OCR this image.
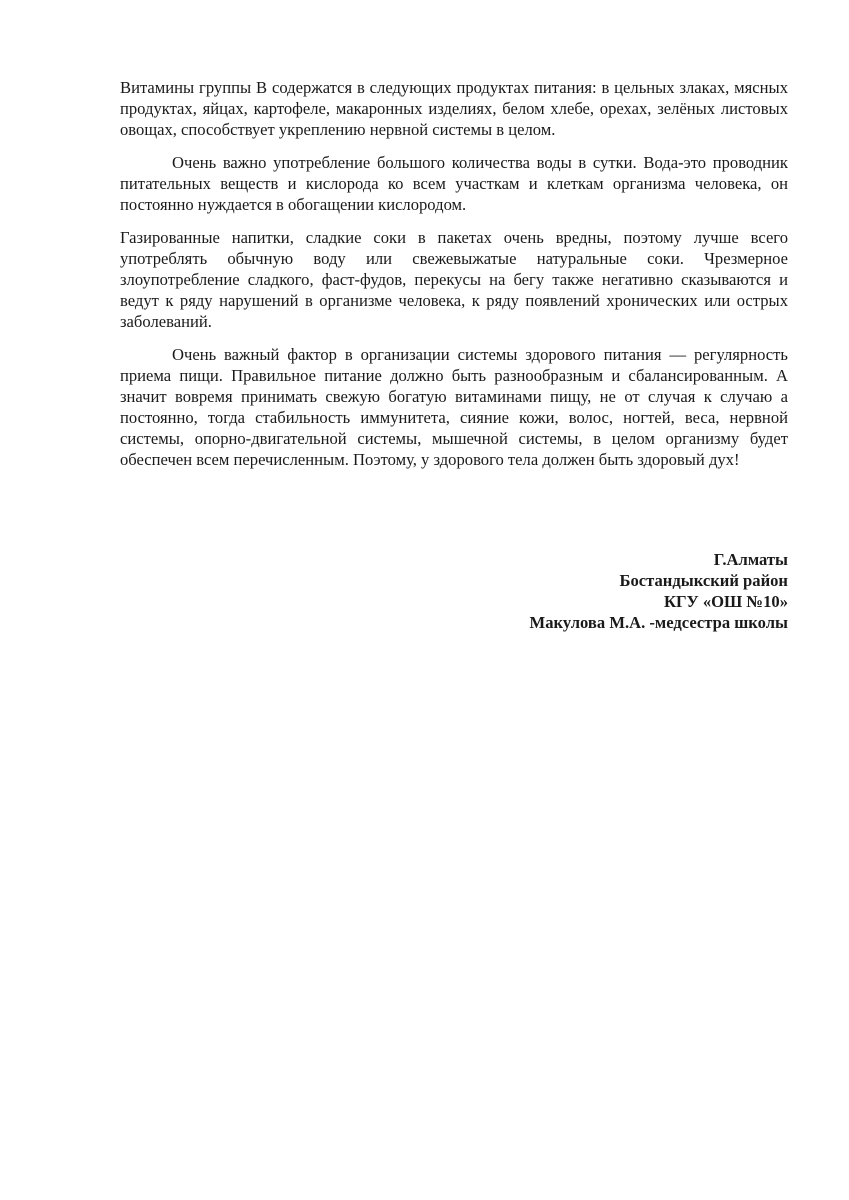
Витамины группы В содержатся в следующих продуктах питания: в цельных злаках, мясных продуктах, яйцах, картофеле, макаронных изделиях, белом хлебе, орехах, зелёных листовых овощах, способствует укреплению нервной системы в целом.

Очень важно употребление большого количества воды в сутки. Вода-это проводник питательных веществ и кислорода ко всем участкам и клеткам организма человека, он постоянно нуждается в обогащении кислородом.

Газированные напитки, сладкие соки в пакетах очень вредны, поэтому лучше всего употреблять обычную воду или свежевыжатые натуральные соки. Чрезмерное злоупотребление сладкого, фаст-фудов, перекусы на бегу также негативно сказываются и ведут к ряду нарушений в организме человека, к ряду появлений хронических или острых заболеваний.

Очень важный фактор в организации системы здорового питания — регулярность приема пищи. Правильное питание должно быть разнообразным и сбалансированным. А значит вовремя принимать свежую богатую витаминами пищу, не от случая к случаю а постоянно, тогда стабильность иммунитета, сияние кожи, волос, ногтей, веса, нервной системы, опорно-двигательной системы, мышечной системы, в целом организму будет обеспечен всем перечисленным. Поэтому, у здорового тела должен быть здоровый дух!

Г.Алматы
Бостандыкский район
КГУ «ОШ №10»
Макулова М.А. -медсестра школы
